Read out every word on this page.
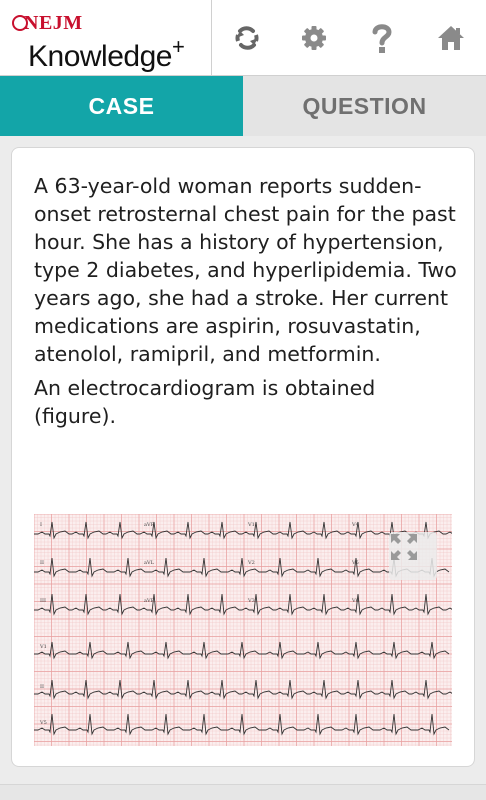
NEJM
Knowledge+
CASE	QUESTION

A 63-year-old woman reports sudden-onset retrosternal chest pain for the past hour. She has a history of hypertension, type 2 diabetes, and hyperlipidemia. Two years ago, she had a stroke. Her current medications are aspirin, rosuvastatin, atenolol, ramipril, and metformin.

An electrocardiogram is obtained (figure).

I	aVR	V1	V4
II	aVL	V2	V5
III	aVF	V3	V6
V1
II
V5
